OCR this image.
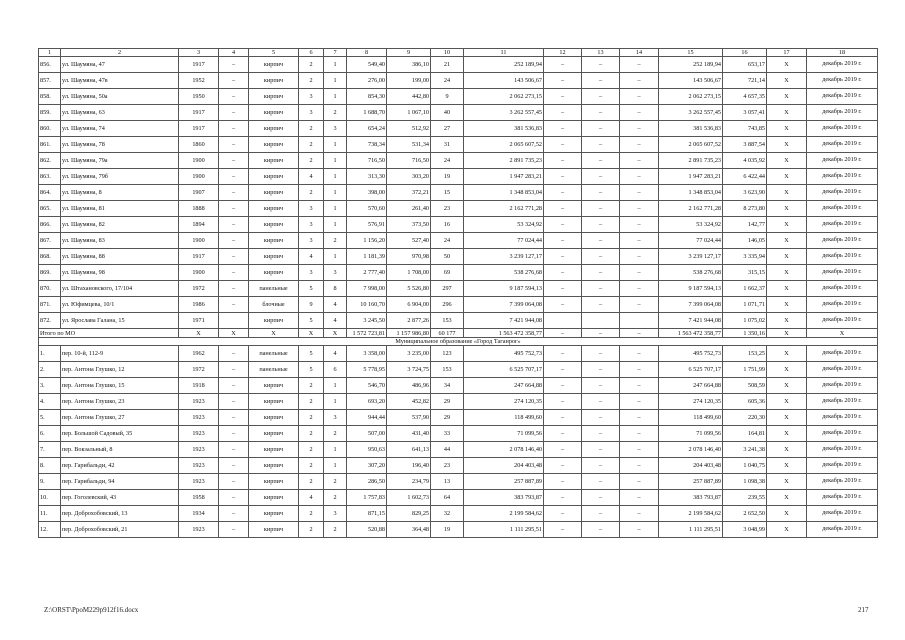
1	2	3	4	5	6	7	8	9	10	11	12	13	14	15	16	17	18
856.	ул. Шаумяна, 47	1917	–	кирпич	2	1	549,40	386,10	21	252 189,94	–	–	–	252 189,94	653,17	X	декабрь 2019 г.
857.	ул. Шаумяна, 47в	1952	–	кирпич	2	1	276,00	199,00	24	143 506,67	–	–	–	143 506,67	721,14	X	декабрь 2019 г.
858.	ул. Шаумяна, 50а	1950	–	кирпич	3	1	854,30	442,80	9	2 062 273,15	–	–	–	2 062 273,15	4 657,35	X	декабрь 2019 г.
859.	ул. Шаумяна, 63	1917	–	кирпич	3	2	1 688,70	1 067,10	40	3 262 557,45	–	–	–	3 262 557,45	3 057,41	X	декабрь 2019 г.
860.	ул. Шаумяна, 74	1917	–	кирпич	2	3	654,24	512,92	27	381 536,83	–	–	–	381 536,83	743,85	X	декабрь 2019 г.
861.	ул. Шаумяна, 78	1860	–	кирпич	2	1	738,34	531,34	31	2 065 607,52	–	–	–	2 065 607,52	3 887,54	X	декабрь 2019 г.
862.	ул. Шаумяна, 79а	1900	–	кирпич	2	1	716,50	716,50	24	2 891 735,23	–	–	–	2 891 735,23	4 035,92	X	декабрь 2019 г.
863.	ул. Шаумяна, 79б	1900	–	кирпич	4	1	313,30	303,20	19	1 947 283,21	–	–	–	1 947 283,21	6 422,44	X	декабрь 2019 г.
864.	ул. Шаумяна, 8	1907	–	кирпич	2	1	398,00	372,21	15	1 348 853,04	–	–	–	1 348 853,04	3 623,90	X	декабрь 2019 г.
865.	ул. Шаумяна, 81	1888	–	кирпич	3	1	570,60	261,40	23	2 162 771,28	–	–	–	2 162 771,28	8 273,80	X	декабрь 2019 г.
866.	ул. Шаумяна, 82	1894	–	кирпич	3	1	576,91	373,50	16	53 324,92	–	–	–	53 324,92	142,77	X	декабрь 2019 г.
867.	ул. Шаумяна, 83	1900	–	кирпич	3	2	1 156,20	527,40	24	77 024,44	–	–	–	77 024,44	146,05	X	декабрь 2019 г.
868.	ул. Шаумяна, 88	1917	–	кирпич	4	1	1 181,39	970,98	50	3 239 127,17	–	–	–	3 239 127,17	3 335,94	X	декабрь 2019 г.
869.	ул. Шаумяна, 98	1900	–	кирпич	3	3	2 777,40	1 708,00	69	538 276,68	–	–	–	538 276,68	315,15	X	декабрь 2019 г.
870.	ул. Штахановского, 17/104	1972	–	панельные	5	8	7 998,00	5 526,80	297	9 187 594,13	–	–	–	9 187 594,13	1 662,37	X	декабрь 2019 г.
871.	ул. Юфимцева, 10/1	1986	–	блочные	9	4	10 160,70	6 904,00	296	7 399 064,08	–	–	–	7 399 064,08	1 071,71	X	декабрь 2019 г.
872.	ул. Ярослава Галана, 15	1971		кирпич	5	4	3 245,50	2 877,26	153	7 421 944,08				7 421 944,08	1 075,02	X	декабрь 2019 г.
Итого по МО		X	X	X	X	X	1 572 723,81	1 157 986,80	60 177	1 563 472 358,77	–	–	–	1 563 472 358,77	1 350,16	X	X
Муниципальное образование «Город Таганрог»																	
1.	пер. 10-й, 112-9	1962	–	панельные	5	4	3 358,00	3 235,00	123	495 752,73	–	–	–	495 752,73	153,25	X	декабрь 2019 г.
2.	пер. Антона Глушко, 12	1972	–	панельные	5	6	5 778,95	3 724,75	153	6 525 707,17	–	–	–	6 525 707,17	1 751,99	X	декабрь 2019 г.
3.	пер. Антона Глушко, 15	1918	–	кирпич	2	1	546,70	486,96	34	247 664,88	–	–	–	247 664,88	508,59	X	декабрь 2019 г.
4.	пер. Антона Глушко, 23	1923	–	кирпич	2	1	693,20	452,82	29	274 120,35	–	–	–	274 120,35	605,36	X	декабрь 2019 г.
5.	пер. Антона Глушко, 27	1923	–	кирпич	2	3	944,44	537,90	29	118 499,60	–	–	–	118 499,60	220,30	X	декабрь 2019 г.
6.	пер. Большой Садовый, 35	1923	–	кирпич	2	2	507,00	431,40	33	71 099,56	–	–	–	71 099,56	164,81	X	декабрь 2019 г.
7.	пер. Вокзальный, 8	1923	–	кирпич	2	1	950,63	641,13	44	2 078 146,40	–	–	–	2 078 146,40	3 241,38	X	декабрь 2019 г.
8.	пер. Гарибальди, 42	1923	–	кирпич	2	1	307,20	196,40	23	204 403,48	–	–	–	204 403,48	1 040,75	X	декабрь 2019 г.
9.	пер. Гарибальди, 94	1923	–	кирпич	2	2	286,50	234,79	13	257 887,89	–	–	–	257 887,89	1 098,38	X	декабрь 2019 г.
10.	пер. Гоголевский, 43	1958	–	кирпич	4	2	1 757,83	1 602,73	64	383 793,87	–	–	–	383 793,87	239,55	X	декабрь 2019 г.
11.	пер. Доброхобовский, 13	1934	–	кирпич	2	3	871,15	829,25	32	2 199 584,62	–	–	–	2 199 584,62	2 652,50	X	декабрь 2019 г.
12.	пер. Доброхобовский, 21	1923	–	кирпич	2	2	520,88	364,48	19	1 111 295,51	–	–	–	1 111 295,51	3 048,99	X	декабрь 2019 г.
Z:\ORST\PpoM229p912f16.docx	217
